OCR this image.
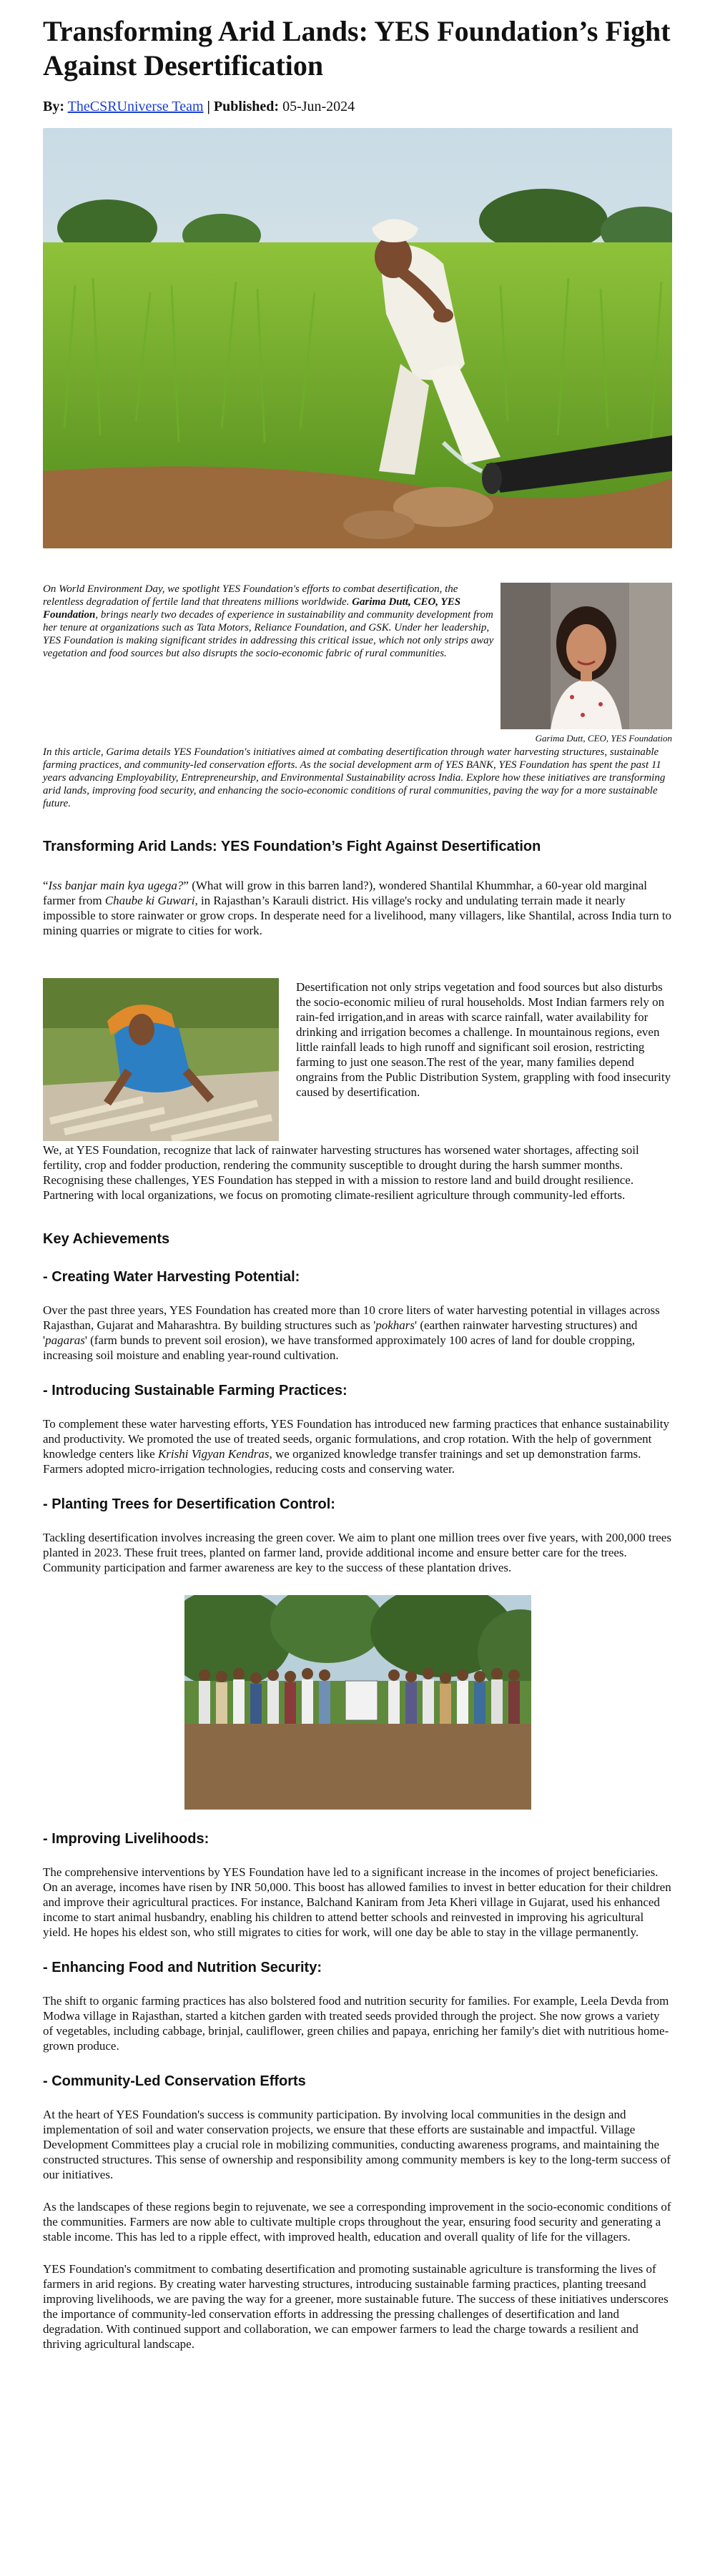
Transforming Arid Lands: YES Foundation’s Fight Against Desertification
By: TheCSRUniverse Team | Published: 05-Jun-2024
On World Environment Day, we spotlight YES Foundation's efforts to combat desertification, the relentless degradation of fertile land that threatens millions worldwide. Garima Dutt, CEO, YES Foundation, brings nearly two decades of experience in sustainability and community development from her tenure at organizations such as Tata Motors, Reliance Foundation, and GSK. Under her leadership, YES Foundation is making significant strides in addressing this critical issue, which not only strips away vegetation and food sources but also disrupts the socio-economic fabric of rural communities.
Garima Dutt, CEO, YES Foundation
In this article, Garima details YES Foundation's initiatives aimed at combating desertification through water harvesting structures, sustainable farming practices, and community-led conservation efforts. As the social development arm of YES BANK, YES Foundation has spent the past 11 years advancing Employability, Entrepreneurship, and Environmental Sustainability across India. Explore how these initiatives are transforming arid lands, improving food security, and enhancing the socio-economic conditions of rural communities, paving the way for a more sustainable future.
Transforming Arid Lands: YES Foundation’s Fight Against Desertification

“Iss banjar main kya ugega?” (What will grow in this barren land?), wondered Shantilal Khummhar, a 60-year old marginal farmer from Chaube ki Guwari, in Rajasthan’s Karauli district. His village's rocky and undulating terrain made it nearly impossible to store rainwater or grow crops. In desperate need for a livelihood, many villagers, like Shantilal, across India turn to mining quarries or migrate to cities for work.

Desertification not only strips vegetation and food sources but also disturbs the socio-economic milieu of rural households. Most Indian farmers rely on rain-fed irrigation,and in areas with scarce rainfall, water availability for drinking and irrigation becomes a challenge. In mountainous regions, even little rainfall leads to high runoff and significant soil erosion, restricting farming to just one season.The rest of the year, many families depend ongrains from the Public Distribution System, grappling with food insecurity caused by desertification.

We, at YES Foundation, recognize that lack of rainwater harvesting structures has worsened water shortages, affecting soil fertility, crop and fodder production, rendering the community susceptible to drought during the harsh summer months. Recognising these challenges, YES Foundation has stepped in with a mission to restore land and build drought resilience. Partnering with local organizations, we focus on promoting climate-resilient agriculture through community-led efforts.

Key Achievements
- Creating Water Harvesting Potential:

Over the past three years, YES Foundation has created more than 10 crore liters of water harvesting potential in villages across Rajasthan, Gujarat and Maharashtra. By building structures such as 'pokhars' (earthen rainwater harvesting structures) and 'pagaras' (farm bunds to prevent soil erosion), we have transformed approximately 100 acres of land for double cropping, increasing soil moisture and enabling year-round cultivation.

- Introducing Sustainable Farming Practices:

To complement these water harvesting efforts, YES Foundation has introduced new farming practices that enhance sustainability and productivity. We promoted the use of treated seeds, organic formulations, and crop rotation. With the help of government knowledge centers like Krishi Vigyan Kendras, we organized knowledge transfer trainings and set up demonstration farms. Farmers adopted micro-irrigation technologies, reducing costs and conserving water.

- Planting Trees for Desertification Control:

Tackling desertification involves increasing the green cover. We aim to plant one million trees over five years, with 200,000 trees planted in 2023. These fruit trees, planted on farmer land, provide additional income and ensure better care for the trees. Community participation and farmer awareness are key to the success of these plantation drives.

- Improving Livelihoods:

The comprehensive interventions by YES Foundation have led to a significant increase in the incomes of project beneficiaries. On an average, incomes have risen by INR 50,000. This boost has allowed families to invest in better education for their children and improve their agricultural practices. For instance, Balchand Kaniram from Jeta Kheri village in Gujarat, used his enhanced income to start animal husbandry, enabling his children to attend better schools and reinvested in improving his agricultural yield. He hopes his eldest son, who still migrates to cities for work, will one day be able to stay in the village permanently.

- Enhancing Food and Nutrition Security:

The shift to organic farming practices has also bolstered food and nutrition security for families. For example, Leela Devda from Modwa village in Rajasthan, started a kitchen garden with treated seeds provided through the project. She now grows a variety of vegetables, including cabbage, brinjal, cauliflower, green chilies and papaya, enriching her family's diet with nutritious home-grown produce.

- Community-Led Conservation Efforts

At the heart of YES Foundation's success is community participation. By involving local communities in the design and implementation of soil and water conservation projects, we ensure that these efforts are sustainable and impactful. Village Development Committees play a crucial role in mobilizing communities, conducting awareness programs, and maintaining the constructed structures. This sense of ownership and responsibility among community members is key to the long-term success of our initiatives.

As the landscapes of these regions begin to rejuvenate, we see a corresponding improvement in the socio-economic conditions of the communities. Farmers are now able to cultivate multiple crops throughout the year, ensuring food security and generating a stable income. This has led to a ripple effect, with improved health, education and overall quality of life for the villagers.

YES Foundation's commitment to combating desertification and promoting sustainable agriculture is transforming the lives of farmers in arid regions. By creating water harvesting structures, introducing sustainable farming practices, planting treesand improving livelihoods, we are paving the way for a greener, more sustainable future. The success of these initiatives underscores the importance of community-led conservation efforts in addressing the pressing challenges of desertification and land degradation. With continued support and collaboration, we can empower farmers to lead the charge towards a resilient and thriving agricultural landscape.
